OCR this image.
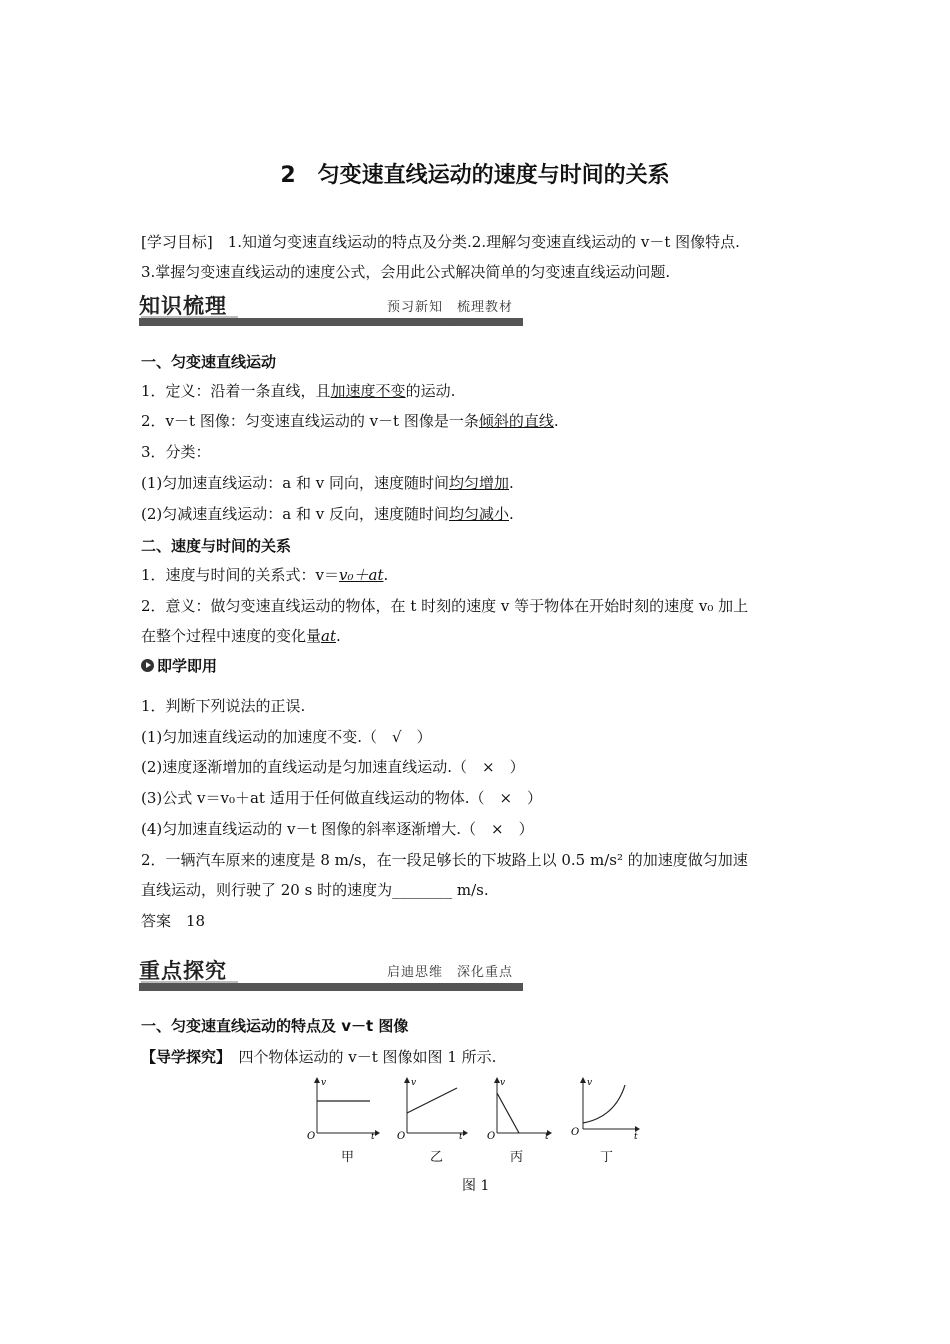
2　匀变速直线运动的速度与时间的关系
[学习目标]　1.知道匀变速直线运动的特点及分类.2.理解匀变速直线运动的 v－t 图像特点.
3.掌握匀变速直线运动的速度公式，会用此公式解决简单的匀变速直线运动问题.
知识梳理	预习新知　梳理教材
一、匀变速直线运动
1．定义：沿着一条直线，且加速度不变的运动.
2．v－t 图像：匀变速直线运动的 v－t 图像是一条倾斜的直线.
3．分类：
(1)匀加速直线运动：a 和 v 同向，速度随时间均匀增加.
(2)匀减速直线运动：a 和 v 反向，速度随时间均匀减小.
二、速度与时间的关系
1．速度与时间的关系式：v＝v₀＋at.
2．意义：做匀变速直线运动的物体，在 t 时刻的速度 v 等于物体在开始时刻的速度 v₀ 加上
在整个过程中速度的变化量at.
即学即用
1．判断下列说法的正误.
(1)匀加速直线运动的加速度不变.（　√　）
(2)速度逐渐增加的直线运动是匀加速直线运动.（　×　）
(3)公式 v＝v₀＋at 适用于任何做直线运动的物体.（　×　）
(4)匀加速直线运动的 v－t 图像的斜率逐渐增大.（　×　）
2．一辆汽车原来的速度是 8 m/s，在一段足够长的下坡路上以 0.5 m/s² 的加速度做匀加速
直线运动，则行驶了 20 s 时的速度为________ m/s.
答案　18
重点探究	启迪思维　深化重点
一、匀变速直线运动的特点及 v－t 图像
【导学探究】　四个物体运动的 v－t 图像如图 1 所示.
v
t
O
v
t
O
v
t
O
v
t
O
甲	乙	丙	丁
图 1
